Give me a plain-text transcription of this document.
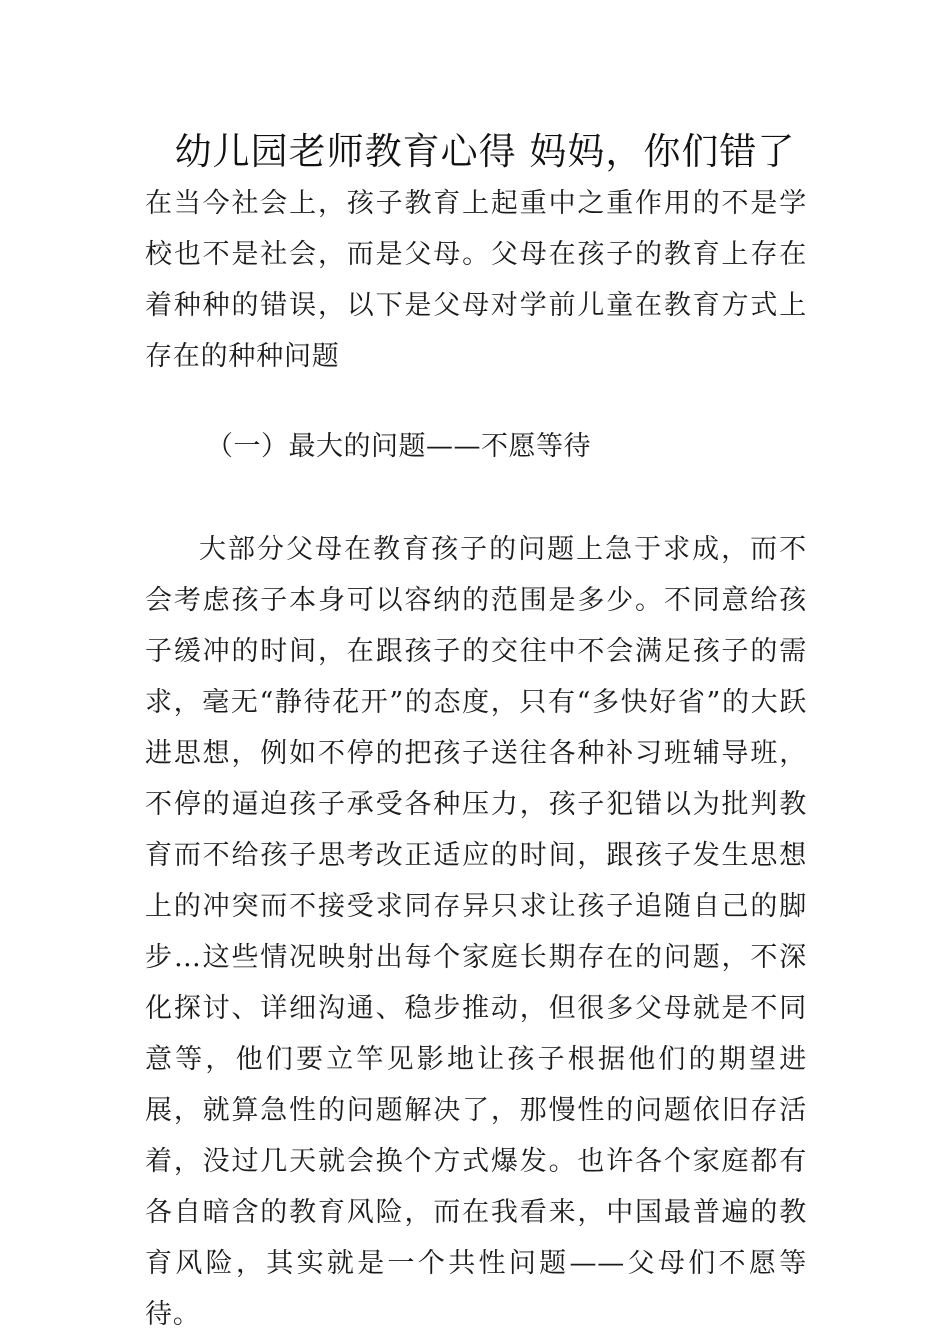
幼儿园老师教育心得 妈妈，你们错了

在当今社会上，孩子教育上起重中之重作用的不是学校也不是社会，而是父母。父母在孩子的教育上存在着种种的错误，以下是父母对学前儿童在教育方式上存在的种种问题

（一）最大的问题——不愿等待

大部分父母在教育孩子的问题上急于求成，而不会考虑孩子本身可以容纳的范围是多少。不同意给孩子缓冲的时间，在跟孩子的交往中不会满足孩子的需求，毫无“静待花开”的态度，只有“多快好省”的大跃进思想，例如不停的把孩子送往各种补习班辅导班，不停的逼迫孩子承受各种压力，孩子犯错以为批判教育而不给孩子思考改正适应的时间，跟孩子发生思想上的冲突而不接受求同存异只求让孩子追随自己的脚步…这些情况映射出每个家庭长期存在的问题，不深化探讨、详细沟通、稳步推动，但很多父母就是不同意等，他们要立竿见影地让孩子根据他们的期望进展，就算急性的问题解决了，那慢性的问题依旧存活着，没过几天就会换个方式爆发。也许各个家庭都有各自暗含的教育风险，而在我看来，中国最普遍的教育风险，其实就是一个共性问题——父母们不愿等待。
